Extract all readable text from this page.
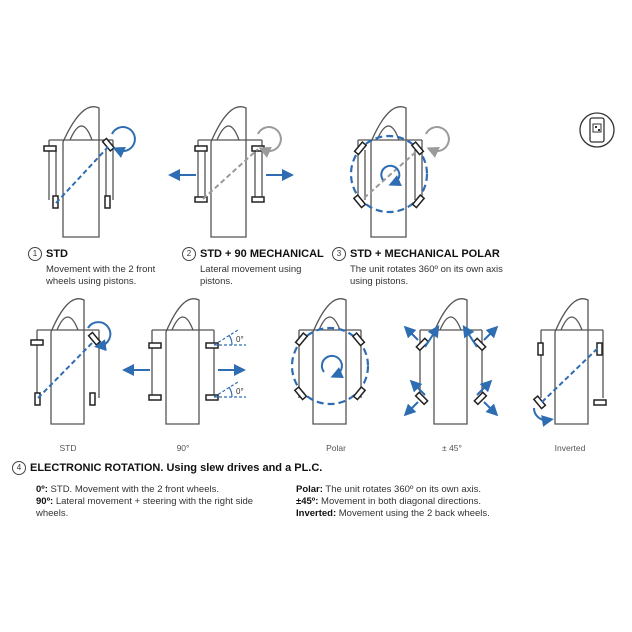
0°
0°
1 STD
Movement with the 2 front
wheels using pistons.
2 STD + 90 MECHANICAL
Lateral movement using
pistons.
3 STD + MECHANICAL POLAR
The unit rotates 360º on its own axis
using pistons.
STD	90°	Polar	± 45°	Inverted
4 ELECTRONIC ROTATION. Using slew drives and a PL.C.
0º: STD. Movement with the 2 front wheels.
90º: Lateral movement + steering with the right side
wheels.
Polar: The unit rotates 360º on its own axis.
±45º: Movement in both diagonal directions.
Inverted: Movement using the 2 back wheels.
